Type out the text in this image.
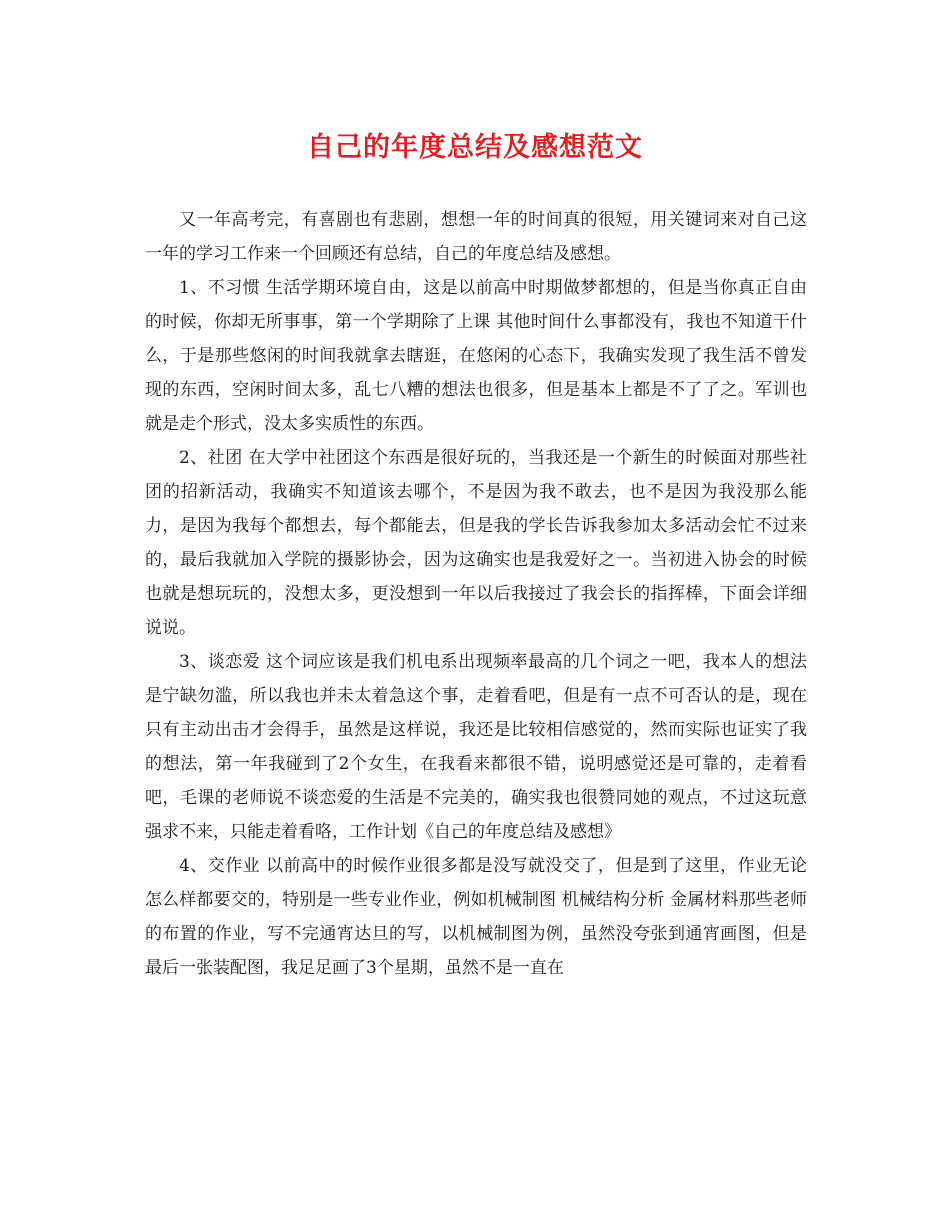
自己的年度总结及感想范文

又一年高考完，有喜剧也有悲剧，想想一年的时间真的很短，用关键词来对自己这一年的学习工作来一个回顾还有总结，自己的年度总结及感想。

1、不习惯 生活学期环境自由，这是以前高中时期做梦都想的，但是当你真正自由的时候，你却无所事事，第一个学期除了上课 其他时间什么事都没有，我也不知道干什么，于是那些悠闲的时间我就拿去瞎逛，在悠闲的心态下，我确实发现了我生活不曾发现的东西，空闲时间太多，乱七八糟的想法也很多，但是基本上都是不了了之。军训也就是走个形式，没太多实质性的东西。

2、社团 在大学中社团这个东西是很好玩的，当我还是一个新生的时候面对那些社团的招新活动，我确实不知道该去哪个，不是因为我不敢去，也不是因为我没那么能力，是因为我每个都想去，每个都能去，但是我的学长告诉我参加太多活动会忙不过来的，最后我就加入学院的摄影协会，因为这确实也是我爱好之一。当初进入协会的时候也就是想玩玩的，没想太多，更没想到一年以后我接过了我会长的指挥棒，下面会详细说说。

3、谈恋爱 这个词应该是我们机电系出现频率最高的几个词之一吧，我本人的想法是宁缺勿滥，所以我也并未太着急这个事，走着看吧，但是有一点不可否认的是，现在只有主动出击才会得手，虽然是这样说，我还是比较相信感觉的，然而实际也证实了我的想法，第一年我碰到了2个女生，在我看来都很不错，说明感觉还是可靠的，走着看吧，毛课的老师说不谈恋爱的生活是不完美的，确实我也很赞同她的观点，不过这玩意强求不来，只能走着看咯，工作计划《自己的年度总结及感想》

4、交作业 以前高中的时候作业很多都是没写就没交了，但是到了这里，作业无论怎么样都要交的，特别是一些专业作业，例如机械制图 机械结构分析 金属材料那些老师的布置的作业，写不完通宵达旦的写，以机械制图为例，虽然没夸张到通宵画图，但是最后一张装配图，我足足画了3个星期，虽然不是一直在
